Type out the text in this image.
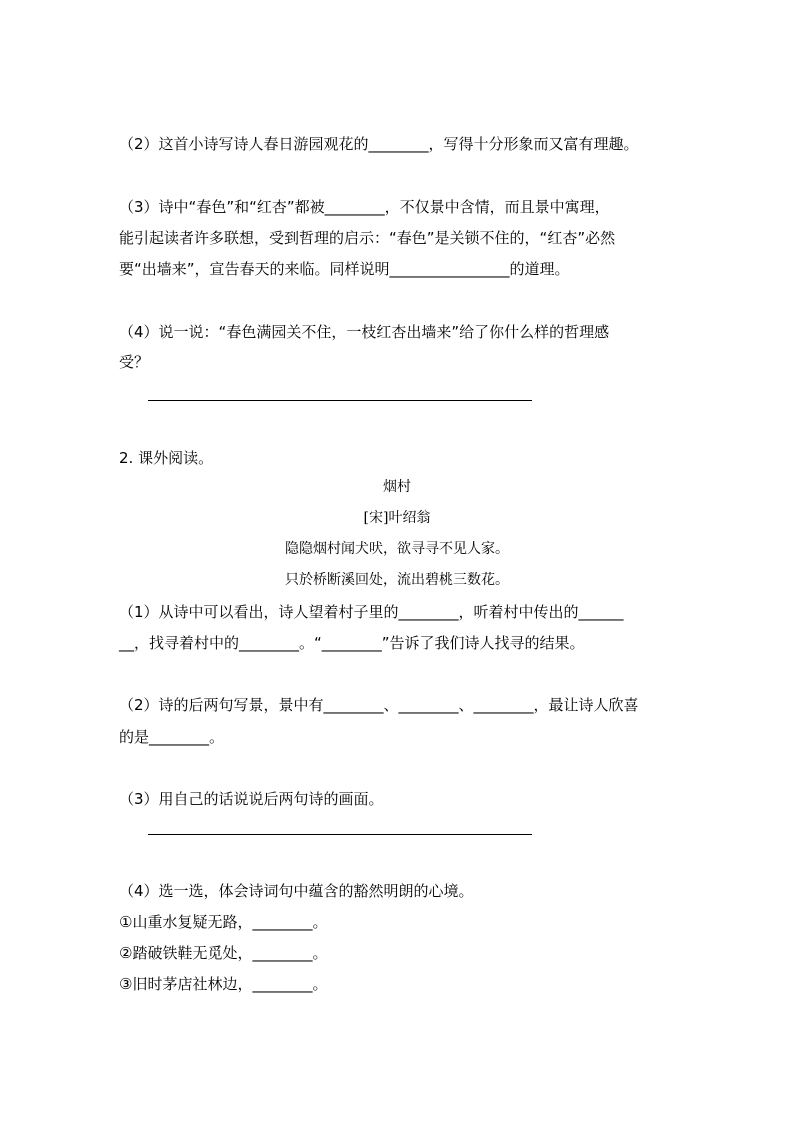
（2）这首小诗写诗人春日游园观花的________，写得十分形象而又富有理趣。
（3）诗中“春色”和“红杏”都被________，不仅景中含情，而且景中寓理，
能引起读者许多联想，受到哲理的启示：“春色”是关锁不住的，“红杏”必然
要“出墙来”，宣告春天的来临。同样说明________________的道理。
（4）说一说：“春色满园关不住，一枝红杏出墙来”给了你什么样的哲理感
受？
2. 课外阅读。
烟村
[宋]叶绍翁
隐隐烟村闻犬吠，欲寻寻不见人家。
只於桥断溪回处，流出碧桃三数花。
（1）从诗中可以看出，诗人望着村子里的________，听着村中传出的______
__，找寻着村中的________。“________”告诉了我们诗人找寻的结果。
（2）诗的后两句写景，景中有________、________、________，最让诗人欣喜
的是________。
（3）用自己的话说说后两句诗的画面。
（4）选一选，体会诗词句中蕴含的豁然明朗的心境。
①山重水复疑无路，________。
②踏破铁鞋无觅处，________。
③旧时茅店社林边，________。
